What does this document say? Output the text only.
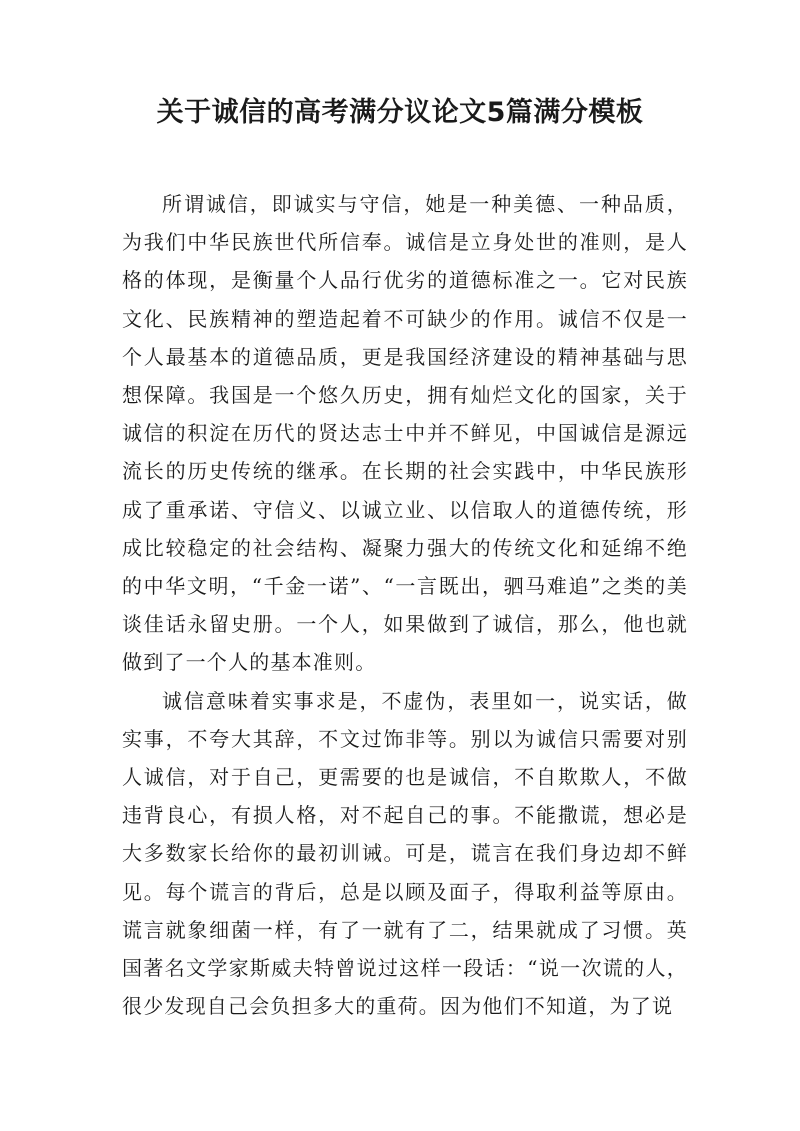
关于诚信的高考满分议论文5篇满分模板

所谓诚信，即诚实与守信，她是一种美德、一种品质，为我们中华民族世代所信奉。诚信是立身处世的准则，是人格的体现，是衡量个人品行优劣的道德标准之一。它对民族文化、民族精神的塑造起着不可缺少的作用。诚信不仅是一个人最基本的道德品质，更是我国经济建设的精神基础与思想保障。我国是一个悠久历史，拥有灿烂文化的国家，关于诚信的积淀在历代的贤达志士中并不鲜见，中国诚信是源远流长的历史传统的继承。在长期的社会实践中，中华民族形成了重承诺、守信义、以诚立业、以信取人的道德传统，形成比较稳定的社会结构、凝聚力强大的传统文化和延绵不绝的中华文明，“千金一诺”、“一言既出，驷马难追”之类的美谈佳话永留史册。一个人，如果做到了诚信，那么，他也就做到了一个人的基本准则。

诚信意味着实事求是，不虚伪，表里如一，说实话，做实事，不夸大其辞，不文过饰非等。别以为诚信只需要对别人诚信，对于自己，更需要的也是诚信，不自欺欺人，不做违背良心，有损人格，对不起自己的事。不能撒谎，想必是大多数家长给你的最初训诫。可是，谎言在我们身边却不鲜见。每个谎言的背后，总是以顾及面子，得取利益等原由。谎言就象细菌一样，有了一就有了二，结果就成了习惯。英国著名文学家斯威夫特曾说过这样一段话：“说一次谎的人，很少发现自己会负担多大的重荷。因为他们不知道，为了说
